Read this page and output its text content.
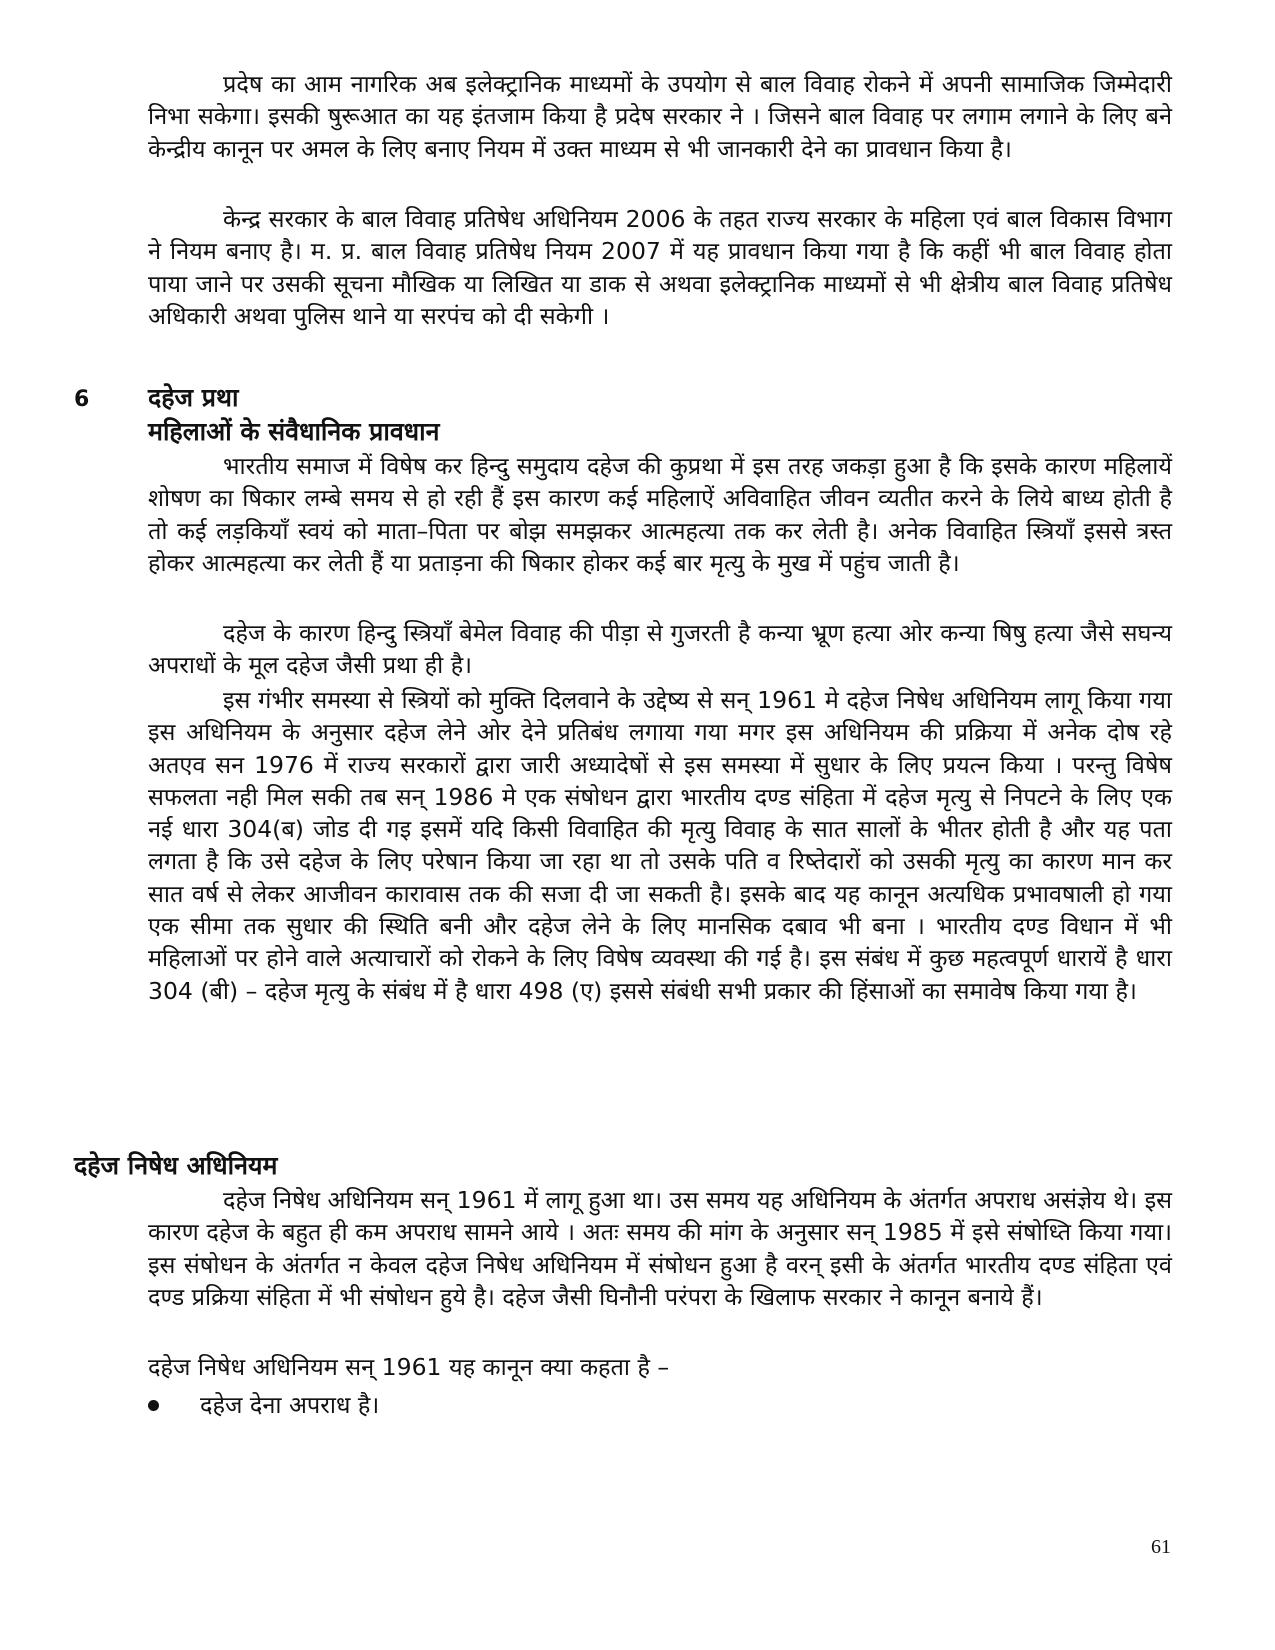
प्रदेष का आम नागरिक अब इलेक्ट्रानिक माध्यमों के उपयोग से बाल विवाह रोकने में अपनी सामाजिक जिम्मेदारी निभा सकेगा। इसकी षुरूआत का यह इंतजाम किया है प्रदेष सरकार ने । जिसने बाल विवाह पर लगाम लगाने के लिए बने केन्द्रीय कानून पर अमल के लिए बनाए नियम में उक्त माध्यम से भी जानकारी देने का प्रावधान किया है।

केन्द्र सरकार के बाल विवाह प्रतिषेध अधिनियम 2006 के तहत राज्य सरकार के महिला एवं बाल विकास विभाग ने नियम बनाए है। म. प्र. बाल विवाह प्रतिषेध नियम 2007 में यह प्रावधान किया गया है कि कहीं भी बाल विवाह होता पाया जाने पर उसकी सूचना मौखिक या लिखित या डाक से अथवा इलेक्ट्रानिक माध्यमों से भी क्षेत्रीय बाल विवाह प्रतिषेध अधिकारी अथवा पुलिस थाने या सरपंच को दी सकेगी ।

6 दहेज प्रथा
महिलाओं के संवैधानिक प्रावधान

भारतीय समाज में विषेष कर हिन्दु समुदाय दहेज की कुप्रथा में इस तरह जकड़ा हुआ है कि इसके कारण महिलायें शोषण का षिकार लम्बे समय से हो रही हैं इस कारण कई महिलाऐं अविवाहित जीवन व्यतीत करने के लिये बाध्य होती है तो कई लड़कियॉं स्वयं को माता–पिता पर बोझ समझकर आत्महत्या तक कर लेती है। अनेक विवाहित स्त्रियॉं इससे त्रस्त होकर आत्महत्या कर लेती हैं या प्रताड़ना की षिकार होकर कई बार मृत्यु के मुख में पहुंच जाती है।

दहेज के कारण हिन्दु स्त्रियॉं बेमेल विवाह की पीड़ा से गुजरती है कन्या भ्रूण हत्या ओर कन्या षिषु हत्या जैसे सघन्य अपराधों के मूल दहेज जैसी प्रथा ही है।

इस गंभीर समस्या से स्त्रियों को मुक्ति दिलवाने के उद्देष्य से सन् 1961 मे दहेज निषेध अधिनियम लागू किया गया इस अधिनियम के अनुसार दहेज लेने ओर देने प्रतिबंध लगाया गया मगर इस अधिनियम की प्रक्रिया में अनेक दोष रहे अतएव सन 1976 में राज्य सरकारों द्वारा जारी अध्यादेषों से इस समस्या में सुधार के लिए प्रयत्न किया । परन्तु विषेष सफलता नही मिल सकी तब सन् 1986 मे एक संषोधन द्वारा भारतीय दण्ड संहिता में दहेज मृत्यु से निपटने के लिए एक नई धारा 304(ब) जोड दी गइ इसमें यदि किसी विवाहित की मृत्यु विवाह के सात सालों के भीतर होती है और यह पता लगता है कि उसे दहेज के लिए परेषान किया जा रहा था तो उसके पति व रिष्तेदारों को उसकी मृत्यु का कारण मान कर सात वर्ष से लेकर आजीवन कारावास तक की सजा दी जा सकती है। इसके बाद यह कानून अत्यधिक प्रभावषाली हो गया एक सीमा तक सुधार की स्थिति बनी और दहेज लेने के लिए मानसिक दबाव भी बना । भारतीय दण्ड विधान में भी महिलाओं पर होने वाले अत्याचारों को रोकने के लिए विषेष व्यवस्था की गई है। इस संबंध में कुछ महत्वपूर्ण धारायें है धारा 304 (बी) – दहेज मृत्यु के संबंध में है धारा 498 (ए) इससे संबंधी सभी प्रकार की हिंसाओं का समावेष किया गया है।

दहेज निषेध अधिनियम

दहेज निषेध अधिनियम सन् 1961 में लागू हुआ था। उस समय यह अधिनियम के अंतर्गत अपराध असंज्ञेय थे। इस कारण दहेज के बहुत ही कम अपराध सामने आये । अतः समय की मांग के अनुसार सन् 1985 में इसे संषोध्ति किया गया। इस संषोधन के अंतर्गत न केवल दहेज निषेध अधिनियम में संषोधन हुआ है वरन् इसी के अंतर्गत भारतीय दण्ड संहिता एवं दण्ड प्रक्रिया संहिता में भी संषोधन हुये है। दहेज जैसी घिनौनी परंपरा के खिलाफ सरकार ने कानून बनाये हैं।

दहेज निषेध अधिनियम सन् 1961 यह कानून क्या कहता है –

दहेज देना अपराध है।
61
